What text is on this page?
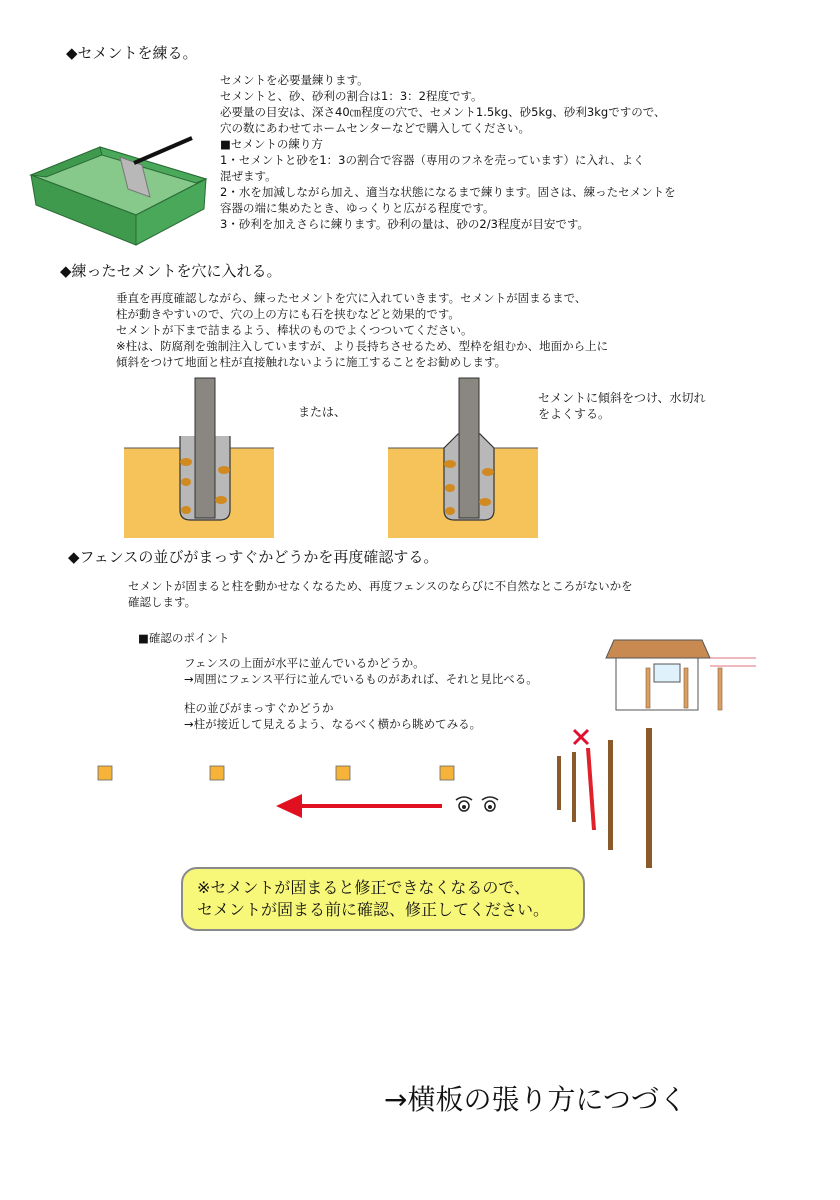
◆セメントを練る。

セメントを必要量練ります。

セメントと、砂、砂利の割合は1：3：2程度です。

必要量の目安は、深さ40㎝程度の穴で、セメント1.5kg、砂5kg、砂利3kgですので、

穴の数にあわせてホームセンターなどで購入してください。

■セメントの練り方

1・セメントと砂を1：3の割合で容器（専用のフネを売っています）に入れ、よく

混ぜます。

2・水を加減しながら加え、適当な状態になるまで練ります。固さは、練ったセメントを

容器の端に集めたとき、ゆっくりと広がる程度です。

3・砂利を加えさらに練ります。砂利の量は、砂の2/3程度が目安です。

◆練ったセメントを穴に入れる。

垂直を再度確認しながら、練ったセメントを穴に入れていきます。セメントが固まるまで、

柱が動きやすいので、穴の上の方にも石を挟むなどと効果的です。

セメントが下まで詰まるよう、棒状のものでよくつついてください。

※柱は、防腐剤を強制注入していますが、より長持ちさせるため、型枠を組むか、地面から上に

傾斜をつけて地面と柱が直接触れないように施工することをお勧めします。

または、
セメントに傾斜をつけ、水切れ
をよくする。
◆フェンスの並びがまっすぐかどうかを再度確認する。

セメントが固まると柱を動かせなくなるため、再度フェンスのならびに不自然なところがないかを

確認します。

■確認のポイント

フェンスの上面が水平に並んでいるかどうか。

→周囲にフェンス平行に並んでいるものがあれば、それと見比べる。

柱の並びがまっすぐかどうか

→柱が接近して見えるよう、なるべく横から眺めてみる。

※セメントが固まると修正できなくなるので、
セメントが固まる前に確認、修正してください。
→横板の張り方につづく
